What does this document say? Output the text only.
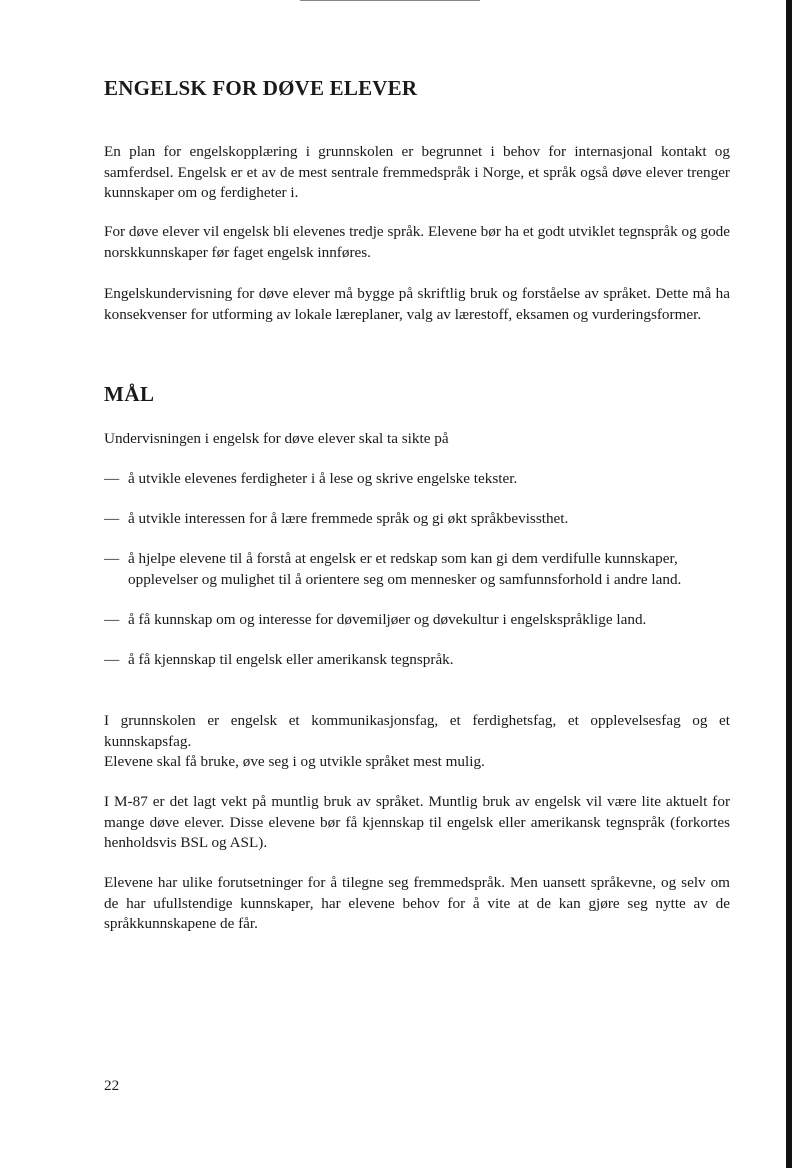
ENGELSK FOR DØVE ELEVER

En plan for engelskopplæring i grunnskolen er begrunnet i behov for internasjonal kontakt og samferdsel. Engelsk er et av de mest sentrale fremmedspråk i Norge, et språk også døve elever trenger kunnskaper om og ferdigheter i.

For døve elever vil engelsk bli elevenes tredje språk. Elevene bør ha et godt utviklet tegnspråk og gode norskkunnskaper før faget engelsk innføres.

Engelskundervisning for døve elever må bygge på skriftlig bruk og forståelse av språket. Dette må ha konsekvenser for utforming av lokale læreplaner, valg av lærestoff, eksamen og vurderingsformer.

MÅL

Undervisningen i engelsk for døve elever skal ta sikte på

— å utvikle elevenes ferdigheter i å lese og skrive engelske tekster.
— å utvikle interessen for å lære fremmede språk og gi økt språkbevissthet.
— å hjelpe elevene til å forstå at engelsk er et redskap som kan gi dem verdifulle kunnskaper, opplevelser og mulighet til å orientere seg om mennesker og samfunnsforhold i andre land.
— å få kunnskap om og interesse for døvemiljøer og døvekultur i engelskspråklige land.
— å få kjennskap til engelsk eller amerikansk tegnspråk.

I grunnskolen er engelsk et kommunikasjonsfag, et ferdighetsfag, et opplevelsesfag og et kunnskapsfag.

Elevene skal få bruke, øve seg i og utvikle språket mest mulig.

I M-87 er det lagt vekt på muntlig bruk av språket. Muntlig bruk av engelsk vil være lite aktuelt for mange døve elever. Disse elevene bør få kjennskap til engelsk eller amerikansk tegnspråk (forkortes henholdsvis BSL og ASL).

Elevene har ulike forutsetninger for å tilegne seg fremmedspråk. Men uansett språkevne, og selv om de har ufullstendige kunnskaper, har elevene behov for å vite at de kan gjøre seg nytte av de språkkunnskapene de får.

22
